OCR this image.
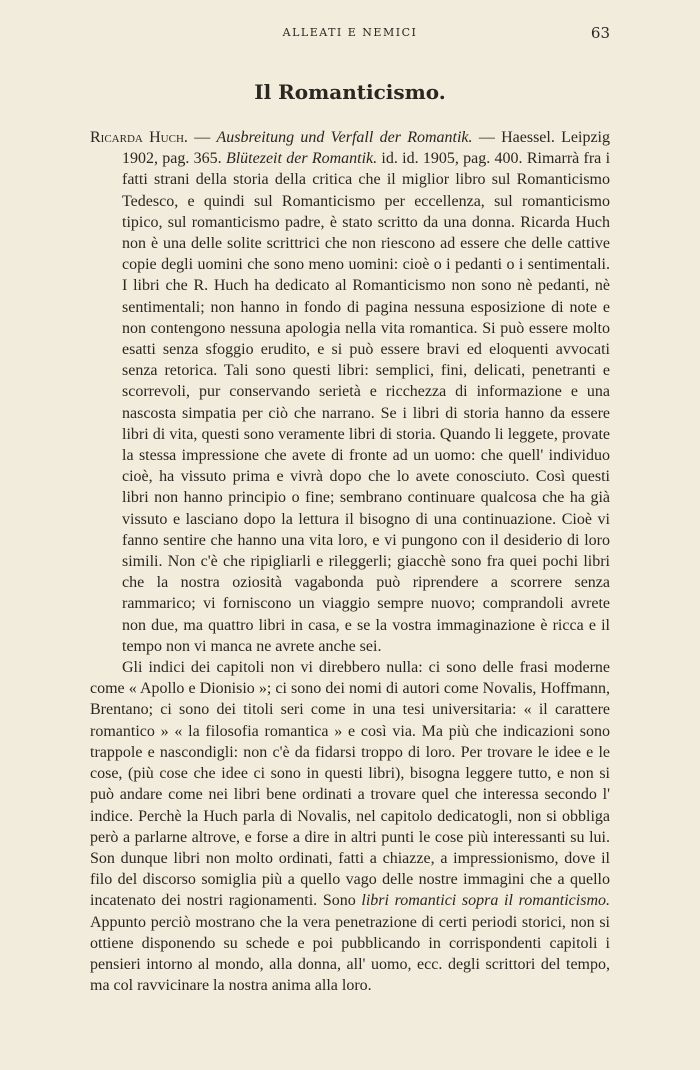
ALLEATI E NEMICI	63
Il Romanticismo.

Ricarda Huch. — Ausbreitung und Verfall der Romantik. — Haessel. Leipzig 1902, pag. 365. Blütezeit der Romantik. id. id. 1905, pag. 400. Rimarrà fra i fatti strani della storia della critica che il miglior libro sul Romanticismo Tedesco, e quindi sul Romanticismo per eccellenza, sul romanticismo tipico, sul romanticismo padre, è stato scritto da una donna. Ricarda Huch non è una delle solite scrittrici che non riescono ad essere che delle cattive copie degli uomini che sono meno uomini: cioè o i pedanti o i sentimentali. I libri che R. Huch ha dedicato al Romanticismo non sono nè pedanti, nè sentimentali; non hanno in fondo di pagina nessuna esposizione di note e non contengono nessuna apologia nella vita romantica. Si può essere molto esatti senza sfoggio erudito, e si può essere bravi ed eloquenti avvocati senza retorica. Tali sono questi libri: semplici, fini, delicati, penetranti e scorrevoli, pur conservando serietà e ricchezza di informazione e una nascosta simpatia per ciò che narrano. Se i libri di storia hanno da essere libri di vita, questi sono veramente libri di storia. Quando li leggete, provate la stessa impressione che avete di fronte ad un uomo: che quell' individuo cioè, ha vissuto prima e vivrà dopo che lo avete conosciuto. Così questi libri non hanno principio o fine; sembrano continuare qualcosa che ha già vissuto e lasciano dopo la lettura il bisogno di una continuazione. Cioè vi fanno sentire che hanno una vita loro, e vi pungono con il desiderio di loro simili. Non c'è che ripigliarli e rileggerli; giacchè sono fra quei pochi libri che la nostra oziosità vagabonda può riprendere a scorrere senza rammarico; vi forniscono un viaggio sempre nuovo; comprandoli avrete non due, ma quattro libri in casa, e se la vostra immaginazione è ricca e il tempo non vi manca ne avrete anche sei.

Gli indici dei capitoli non vi direbbero nulla: ci sono delle frasi moderne come « Apollo e Dionisio »; ci sono dei nomi di autori come Novalis, Hoffmann, Brentano; ci sono dei titoli seri come in una tesi universitaria: « il carattere romantico » « la filosofia romantica » e così via. Ma più che indicazioni sono trappole e nascondigli: non c'è da fidarsi troppo di loro. Per trovare le idee e le cose, (più cose che idee ci sono in questi libri), bisogna leggere tutto, e non si può andare come nei libri bene ordinati a trovare quel che interessa secondo l' indice. Perchè la Huch parla di Novalis, nel capitolo dedicatogli, non si obbliga però a parlarne altrove, e forse a dire in altri punti le cose più interessanti su lui. Son dunque libri non molto ordinati, fatti a chiazze, a impressionismo, dove il filo del discorso somiglia più a quello vago delle nostre immagini che a quello incatenato dei nostri ragionamenti. Sono libri romantici sopra il romanticismo. Appunto perciò mostrano che la vera penetrazione di certi periodi storici, non si ottiene disponendo su schede e poi pubblicando in corrispondenti capitoli i pensieri intorno al mondo, alla donna, all' uomo, ecc. degli scrittori del tempo, ma col ravvicinare la nostra anima alla loro.
